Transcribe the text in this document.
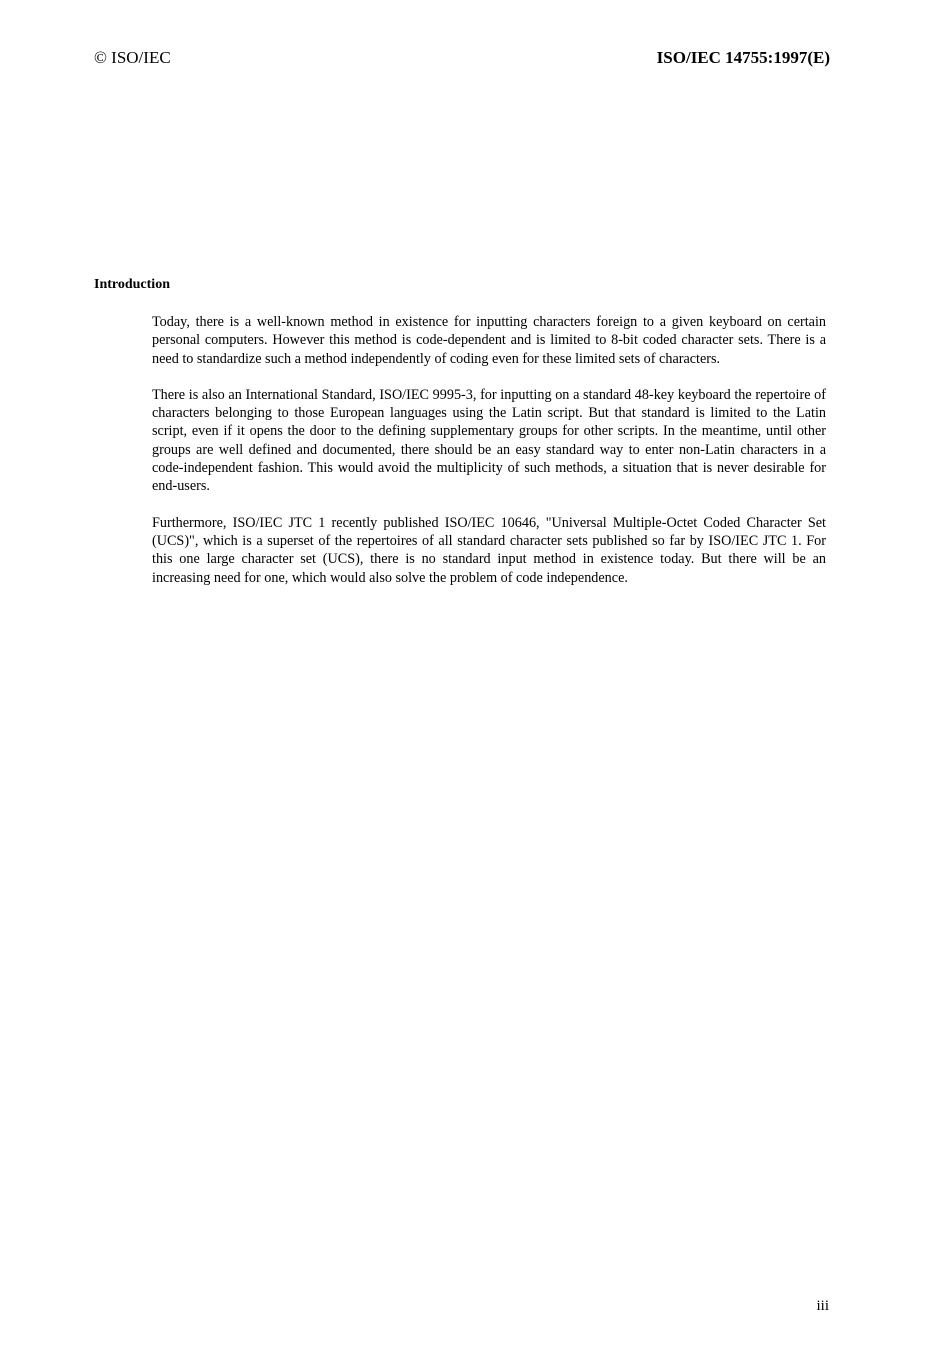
© ISO/IEC	ISO/IEC 14755:1997(E)
Introduction

Today, there is a well-known method in existence for inputting characters foreign to a given keyboard on certain personal computers. However this method is code-dependent and is limited to 8-bit coded character sets. There is a need to standardize such a method independently of coding even for these limited sets of characters.

There is also an International Standard, ISO/IEC 9995-3, for inputting on a standard 48-key keyboard the repertoire of characters belonging to those European languages using the Latin script. But that standard is limited to the Latin script, even if it opens the door to the defining supplementary groups for other scripts. In the meantime, until other groups are well defined and documented, there should be an easy standard way to enter non-Latin characters in a code-independent fashion. This would avoid the multiplicity of such methods, a situation that is never desirable for end-users.

Furthermore, ISO/IEC JTC 1 recently published ISO/IEC 10646, "Universal Multiple-Octet Coded Character Set (UCS)", which is a superset of the repertoires of all standard character sets published so far by ISO/IEC JTC 1. For this one large character set (UCS), there is no standard input method in existence today. But there will be an increasing need for one, which would also solve the problem of code independence.

iii
